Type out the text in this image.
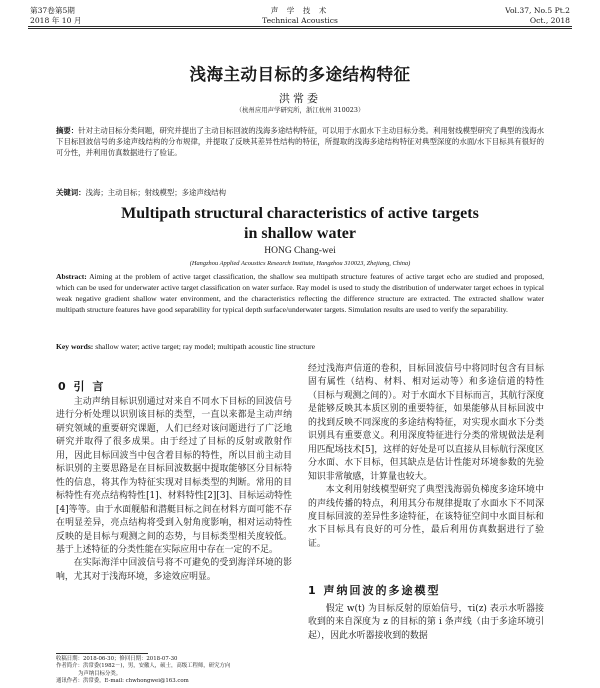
第37卷第5期
2018 年 10 月
声 学 技 术
Technical Acoustics
Vol.37, No.5 Pt.2
Oct., 2018
浅海主动目标的多途结构特征
洪常委
（杭州应用声学研究所，浙江杭州 310023）
摘要：针对主动目标分类问题，研究并提出了主动目标回波的浅海多途结构特征，可以用于水面水下主动目标分类。利用射线模型研究了典型的浅海水下目标回波信号的多途声线结构的分布规律，并提取了反映其差异性结构的特征，所提取的浅海多途结构特征对典型深度的水面/水下目标具有很好的可分性，并利用仿真数据进行了验证。
关键词：浅海；主动目标；射线模型；多途声线结构
Multipath structural characteristics of active targets
in shallow water
HONG Chang-wei
(Hangzhou Applied Acoustics Research Institute, Hangzhou 310023, Zhejiang, China)
Abstract: Aiming at the problem of active target classification, the shallow sea multipath structure features of active target echo are studied and proposed, which can be used for underwater active target classification on water surface. Ray model is used to study the distribution of underwater target echoes in typical weak negative gradient shallow water environment, and the characteristics reflecting the difference structure are extracted. The extracted shallow water multipath structure features have good separability for typical depth surface/underwater targets. Simulation results are used to verify the separability.
Key words: shallow water; active target; ray model; multipath acoustic line structure
0 引 言

主动声纳目标识别通过对来自不同水下目标的回波信号进行分析处理以识别该目标的类型，一直以来都是主动声纳研究领域的重要研究课题，人们已经对该问题进行了广泛地研究并取得了很多成果。由于经过了目标的反射或散射作用，因此目标回波当中包含着目标的特性，所以目前主动目标识别的主要思路是在目标回波数据中提取能够区分目标特性的信息，将其作为特征实现对目标类型的判断。常用的目标特性有亮点结构特性[1]、材料特性[2][3]、目标运动特性[4]等等。由于水面舰船和潜艇目标之间在材料方面可能不存在明显差异，亮点结构将受到入射角度影响，相对运动特性反映的是目标与观测之间的态势，与目标类型相关度较低。基于上述特征的分类性能在实际应用中存在一定的不足。

在实际海洋中回波信号将不可避免的受到海洋环境的影响，尤其对于浅海环境，多途效应明显。

经过浅海声信道的卷积，目标回波信号中将同时包含有目标固有属性（结构、材料、相对运动等）和多途信道的特性（目标与观测之间的）。对于水面水下目标而言，其航行深度是能够反映其本质区别的重要特征，如果能够从目标回波中的找到反映不同深度的多途结构特征，对实现水面水下分类识别具有重要意义。利用深度特征进行分类的常规做法是利用匹配场技术[5]，这样的好处是可以直接从目标航行深度区分水面、水下目标，但其缺点是估计性能对环境参数的先验知识非常敏感，计算量也较大。

本文利用射线模型研究了典型浅海弱负梯度多途环境中的声线传播的特点，利用其分布规律提取了水面水下不同深度目标回波的差异性多途特征，在该特征空间中水面目标和水下目标具有良好的可分性，最后利用仿真数据进行了验证。

1 声纳回波的多途模型

假定 w(t) 为目标反射的原始信号，τi(z) 表示水听器接收到的来自深度为 z 的目标的第 i 条声线（由于多途环境引起），因此水听器接收到的数据

收稿日期：2018-06-30；修回日期：2018-07-30
作者简介：洪常委(1982－)，男，安徽人，硕士，高级工程师，研究方向
为声纳目标分类。
通讯作者：洪常委，E-mail: chwhongwei@163.com
